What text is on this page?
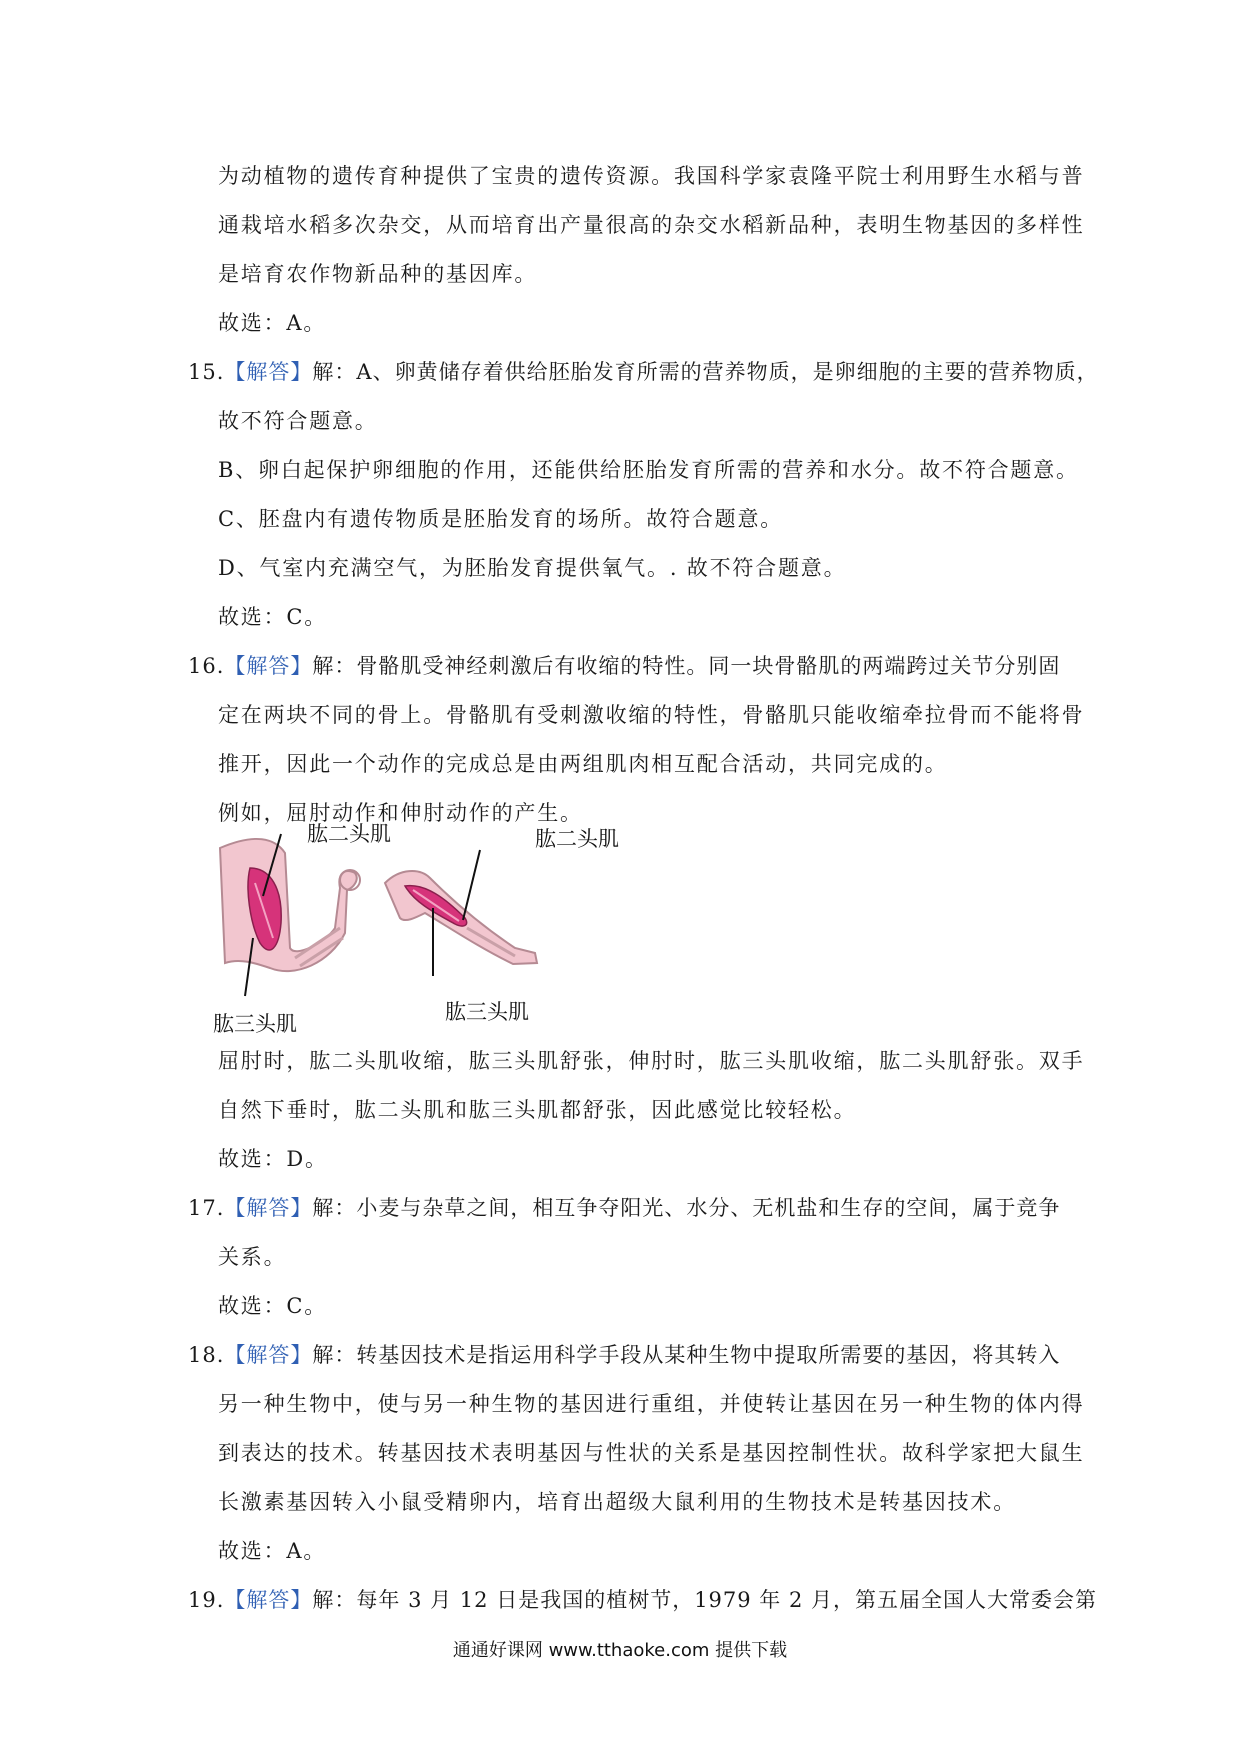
为动植物的遗传育种提供了宝贵的遗传资源。我国科学家袁隆平院士利用野生水稻与普
通栽培水稻多次杂交，从而培育出产量很高的杂交水稻新品种，表明生物基因的多样性
是培育农作物新品种的基因库。
故选：A。
15.【解答】解：A、卵黄储存着供给胚胎发育所需的营养物质，是卵细胞的主要的营养物质，
故不符合题意。
B、卵白起保护卵细胞的作用，还能供给胚胎发育所需的营养和水分。故不符合题意。
C、胚盘内有遗传物质是胚胎发育的场所。故符合题意。
D、气室内充满空气，为胚胎发育提供氧气。. 故不符合题意。
故选：C。
16.【解答】解：骨骼肌受神经刺激后有收缩的特性。同一块骨骼肌的两端跨过关节分别固
定在两块不同的骨上。骨骼肌有受刺激收缩的特性，骨骼肌只能收缩牵拉骨而不能将骨
推开，因此一个动作的完成总是由两组肌肉相互配合活动，共同完成的。
例如，屈肘动作和伸肘动作的产生。
肱二头肌
肱三头肌
肱二头肌
肱三头肌
屈肘时，肱二头肌收缩，肱三头肌舒张，伸肘时，肱三头肌收缩，肱二头肌舒张。双手
自然下垂时，肱二头肌和肱三头肌都舒张，因此感觉比较轻松。
故选：D。
17.【解答】解：小麦与杂草之间，相互争夺阳光、水分、无机盐和生存的空间，属于竞争
关系。
故选：C。
18.【解答】解：转基因技术是指运用科学手段从某种生物中提取所需要的基因，将其转入
另一种生物中，使与另一种生物的基因进行重组，并使转让基因在另一种生物的体内得
到表达的技术。转基因技术表明基因与性状的关系是基因控制性状。故科学家把大鼠生
长激素基因转入小鼠受精卵内，培育出超级大鼠利用的生物技术是转基因技术。
故选：A。
19.【解答】解：每年 3 月 12 日是我国的植树节，1979 年 2 月，第五届全国人大常委会第
通通好课网 www.tthaoke.com 提供下载
